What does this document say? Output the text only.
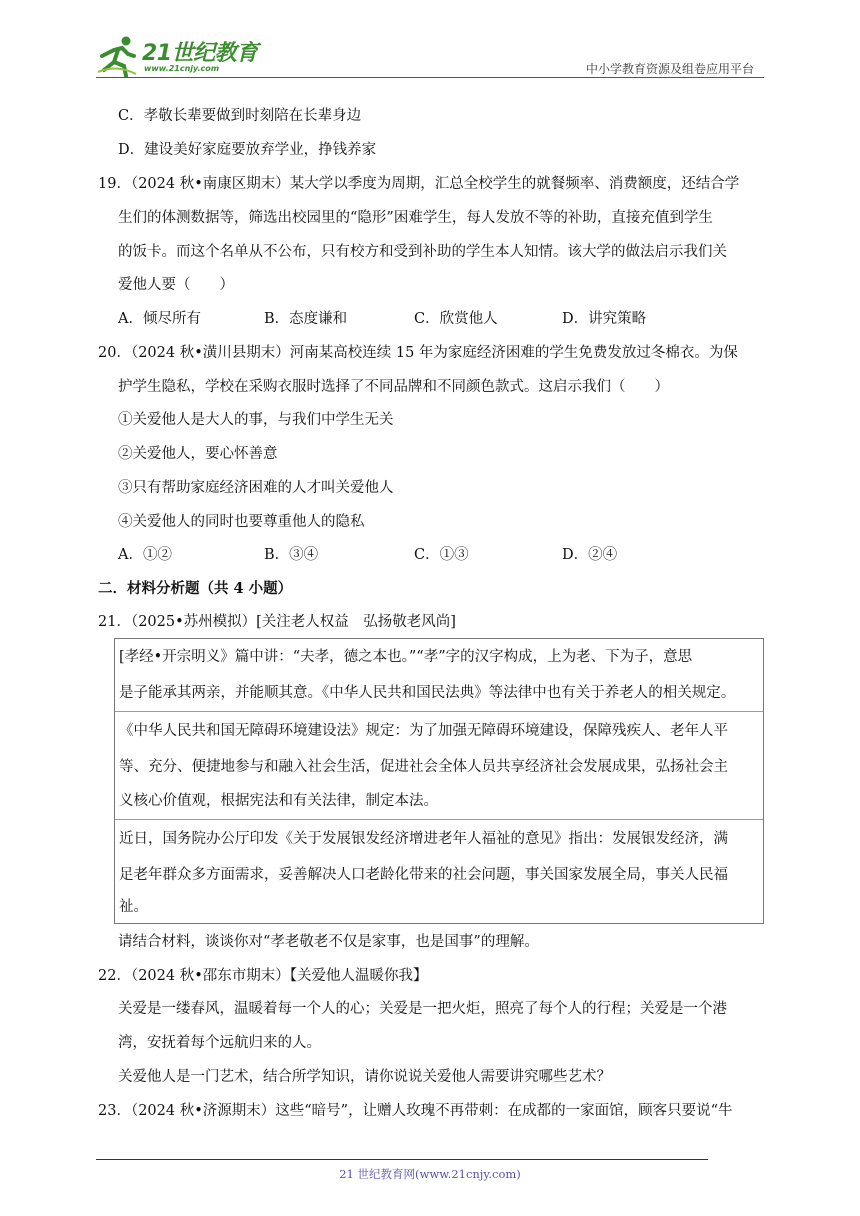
21世纪教育
www.21cnjy.com	中小学教育资源及组卷应用平台
C．孝敬长辈要做到时刻陪在长辈身边
D．建设美好家庭要放弃学业，挣钱养家
19．（2024 秋•南康区期末）某大学以季度为周期，汇总全校学生的就餐频率、消费额度，还结合学
生们的体测数据等，筛选出校园里的“隐形”困难学生，每人发放不等的补助，直接充值到学生
的饭卡。而这个名单从不公布，只有校方和受到补助的学生本人知情。该大学的做法启示我们关
爱他人要（　　）
A．倾尽所有	B．态度谦和	C．欣赏他人	D．讲究策略
20．（2024 秋•潢川县期末）河南某高校连续 15 年为家庭经济困难的学生免费发放过冬棉衣。为保
护学生隐私，学校在采购衣服时选择了不同品牌和不同颜色款式。这启示我们（　　）
①关爱他人是大人的事，与我们中学生无关
②关爱他人，要心怀善意
③只有帮助家庭经济困难的人才叫关爱他人
④关爱他人的同时也要尊重他人的隐私
A．①②	B．③④	C．①③	D．②④
二．材料分析题（共 4 小题）
21．（2025•苏州模拟）[关注老人权益　弘扬敬老风尚]
[孝经•开宗明义》篇中讲：“夫孝，德之本也。”“孝”字的汉字构成，上为老、下为子，意思
是子能承其两亲，并能顺其意。《中华人民共和国民法典》等法律中也有关于养老人的相关规定。
《中华人民共和国无障碍环境建设法》规定：为了加强无障碍环境建设，保障残疾人、老年人平
等、充分、便捷地参与和融入社会生活，促进社会全体人员共享经济社会发展成果，弘扬社会主
义核心价值观，根据宪法和有关法律，制定本法。
近日，国务院办公厅印发《关于发展银发经济增进老年人福祉的意见》指出：发展银发经济，满
足老年群众多方面需求，妥善解决人口老龄化带来的社会问题，事关国家发展全局，事关人民福
祉。
请结合材料，谈谈你对“孝老敬老不仅是家事，也是国事”的理解。
22．（2024 秋•邵东市期末）【关爱他人温暖你我】
关爱是一缕春风，温暖着每一个人的心；关爱是一把火炬，照亮了每个人的行程；关爱是一个港
湾，安抚着每个远航归来的人。
关爱他人是一门艺术，结合所学知识，请你说说关爱他人需要讲究哪些艺术？
23．（2024 秋•济源期末）这些“暗号”，让赠人玫瑰不再带刺：在成都的一家面馆，顾客只要说“牛
21 世纪教育网(www.21cnjy.com)
